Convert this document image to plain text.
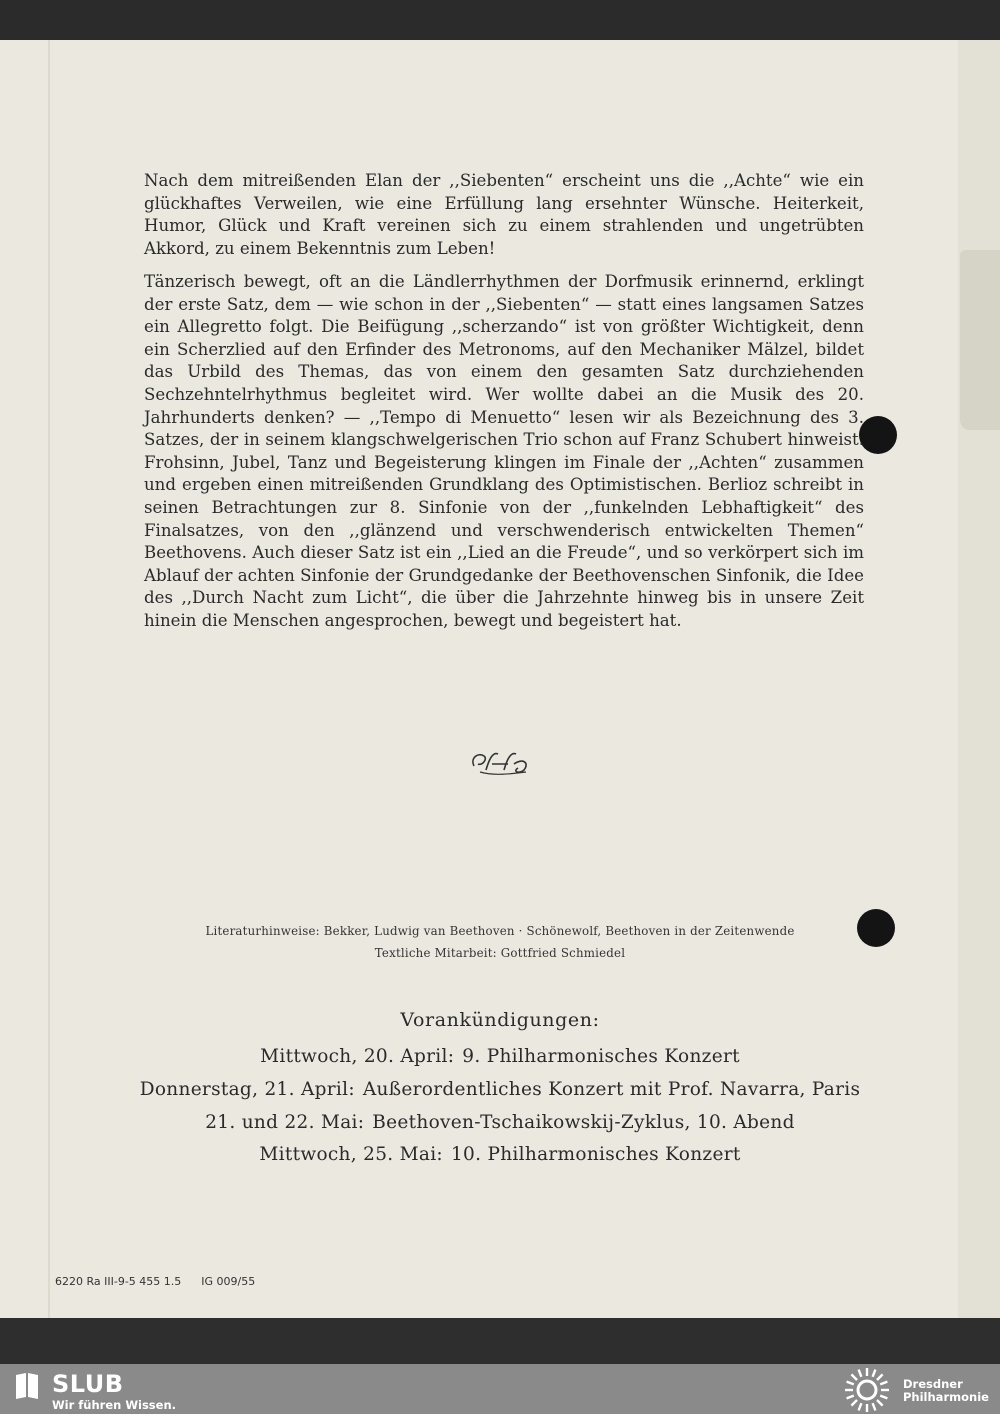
Nach dem mitreißenden Elan der ,,Siebenten“ erscheint uns die ,,Achte“ wie ein glückhaftes Verweilen, wie eine Erfüllung lang ersehnter Wünsche. Heiterkeit, Humor, Glück und Kraft vereinen sich zu einem strahlenden und ungetrübten Akkord, zu einem Bekenntnis zum Leben!

Tänzerisch bewegt, oft an die Ländlerrhythmen der Dorfmusik erinnernd, erklingt der erste Satz, dem — wie schon in der ,,Siebenten“ — statt eines langsamen Satzes ein Allegretto folgt. Die Beifügung ,,scherzando“ ist von größter Wichtigkeit, denn ein Scherzlied auf den Erfinder des Metronoms, auf den Mechaniker Mälzel, bildet das Urbild des Themas, das von einem den gesamten Satz durchziehenden Sechzehntelrhythmus begleitet wird. Wer wollte dabei an die Musik des 20. Jahrhunderts denken? — ,,Tempo di Menuetto“ lesen wir als Bezeichnung des 3. Satzes, der in seinem klangschwelgerischen Trio schon auf Franz Schubert hinweist. Frohsinn, Jubel, Tanz und Begeisterung klingen im Finale der ,,Achten“ zusammen und ergeben einen mitreißenden Grundklang des Optimistischen. Berlioz schreibt in seinen Betrachtungen zur 8. Sinfonie von der ,,funkelnden Lebhaftigkeit“ des Finalsatzes, von den ,,glänzend und verschwenderisch entwickelten Themen“ Beethovens. Auch dieser Satz ist ein ,,Lied an die Freude“, und so verkörpert sich im Ablauf der achten Sinfonie der Grundgedanke der Beethovenschen Sinfonik, die Idee des ,,Durch Nacht zum Licht“, die über die Jahrzehnte hinweg bis in unsere Zeit hinein die Menschen angesprochen, bewegt und begeistert hat.

Literaturhinweise: Bekker, Ludwig van Beethoven · Schönewolf, Beethoven in der Zeitenwende
Textliche Mitarbeit: Gottfried Schmiedel
Vorankündigungen:
Mittwoch, 20. April: 9. Philharmonisches Konzert
Donnerstag, 21. April: Außerordentliches Konzert mit Prof. Navarra, Paris
21. und 22. Mai: Beethoven-Tschaikowskij-Zyklus, 10. Abend
Mittwoch, 25. Mai: 10. Philharmonisches Konzert
6220 Ra III-9-5 455 1.5 IG 009/55
SLUB
Wir führen Wissen.
Dresdner
Philharmonie
